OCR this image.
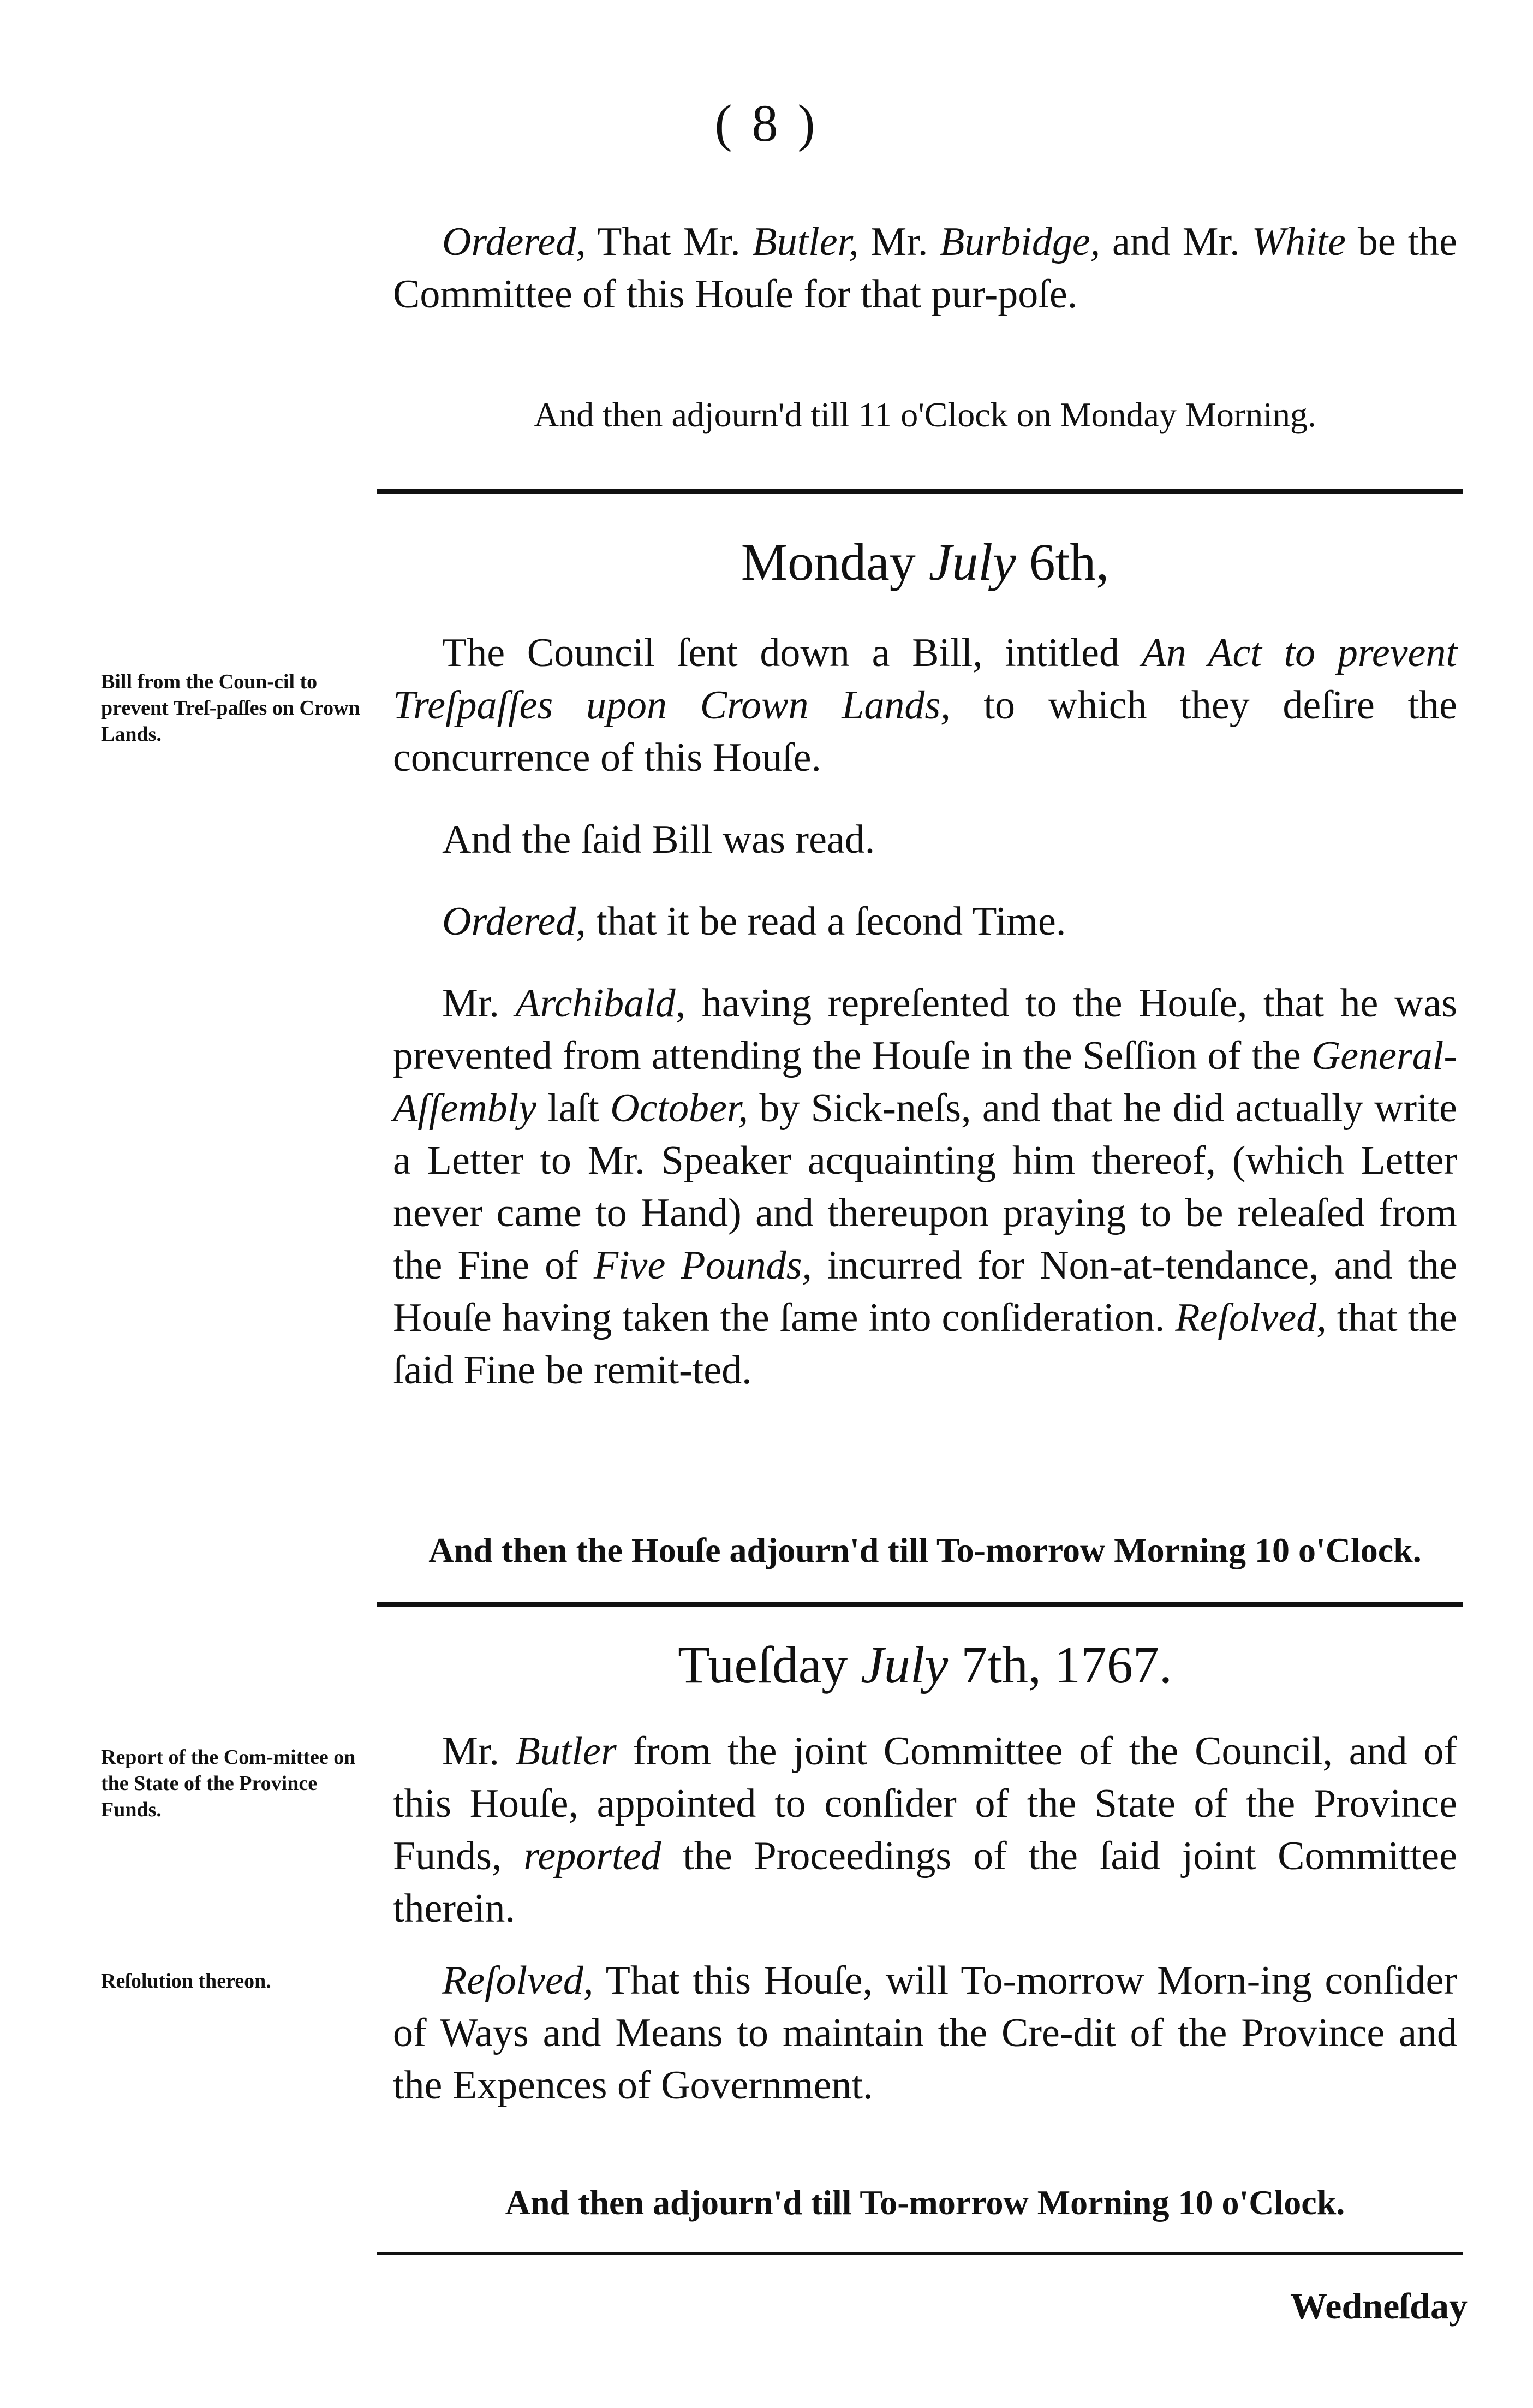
( 8 )

Ordered, That Mr. Butler, Mr. Burbidge, and Mr. White be the Committee of this Houſe for that pur-poſe.

And then adjourn'd till 11 o'Clock on Monday Morning.
Monday July 6th,

Bill from the Coun-cil to prevent Treſ-paſſes on Crown Lands.

The Council ſent down a Bill, intitled An Act to prevent Treſpaſſes upon Crown Lands, to which they deſire the concurrence of this Houſe.

And the ſaid Bill was read.

Ordered, that it be read a ſecond Time.

Mr. Archibald, having repreſented to the Houſe, that he was prevented from attending the Houſe in the Seſſion of the General-Aſſembly laſt October, by Sick-neſs, and that he did actually write a Letter to Mr. Speaker acquainting him thereof, (which Letter never came to Hand) and thereupon praying to be releaſed from the Fine of Five Pounds, incurred for Non-at-tendance, and the Houſe having taken the ſame into conſideration. Reſolved, that the ſaid Fine be remit-ted.

And then the Houſe adjourn'd till To-morrow Morning 10 o'Clock.
Tueſday July 7th, 1767.

Report of the Com-mittee on the State of the Province Funds.

Mr. Butler from the joint Committee of the Council, and of this Houſe, appointed to conſider of the State of the Province Funds, reported the Proceedings of the ſaid joint Committee therein.

Reſolution thereon.	Reſolved, That this Houſe, will To-morrow Morn-ing conſider of Ways and Means to maintain the Cre-dit of the Province and the Expences of Government.

And then adjourn'd till To-morrow Morning 10 o'Clock.
Wedneſday
